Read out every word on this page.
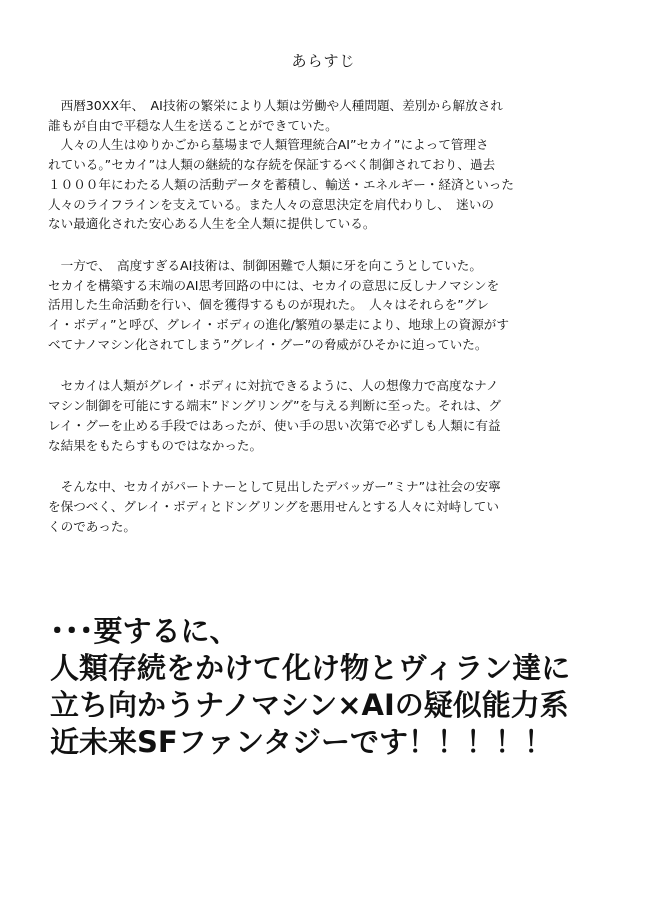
あらすじ
　西暦30XX年、　AI技術の繁栄により人類は労働や人種問題、差別から解放され
誰もが自由で平穏な人生を送ることができていた。
　人々の人生はゆりかごから墓場まで人類管理統合AI”セカイ”によって管理さ
れている。”セカイ”は人類の継続的な存続を保証するべく制御されており、過去
１０００年にわたる人類の活動データを蓄積し、輸送・エネルギー・経済といった
人々のライフラインを支えている。また人々の意思決定を肩代わりし、　迷いの
ない最適化された安心ある人生を全人類に提供している。
　一方で、　高度すぎるAI技術は、制御困難で人類に牙を向こうとしていた。
セカイを構築する末端のAI思考回路の中には、セカイの意思に反しナノマシンを
活用した生命活動を行い、個を獲得するものが現れた。　人々はそれらを”グレ
イ・ボディ”と呼び、グレイ・ボディの進化/繁殖の暴走により、地球上の資源がす
べてナノマシン化されてしまう”グレイ・グー”の脅威がひそかに迫っていた。
　セカイは人類がグレイ・ボディに対抗できるように、人の想像力で高度なナノ
マシン制御を可能にする端末”ドングリング”を与える判断に至った。それは、グ
レイ・グーを止める手段ではあったが、使い手の思い次第で必ずしも人類に有益
な結果をもたらすものではなかった。
　そんな中、セカイがパートナーとして見出したデバッガー”ミナ”は社会の安寧
を保つべく、グレイ・ボディとドングリングを悪用せんとする人々に対峙してい
くのであった。
･･･要するに、
人類存続をかけて化け物とヴィラン達に
立ち向かうナノマシン×AIの疑似能力系
近未来SFファンタジーです！！！！！
